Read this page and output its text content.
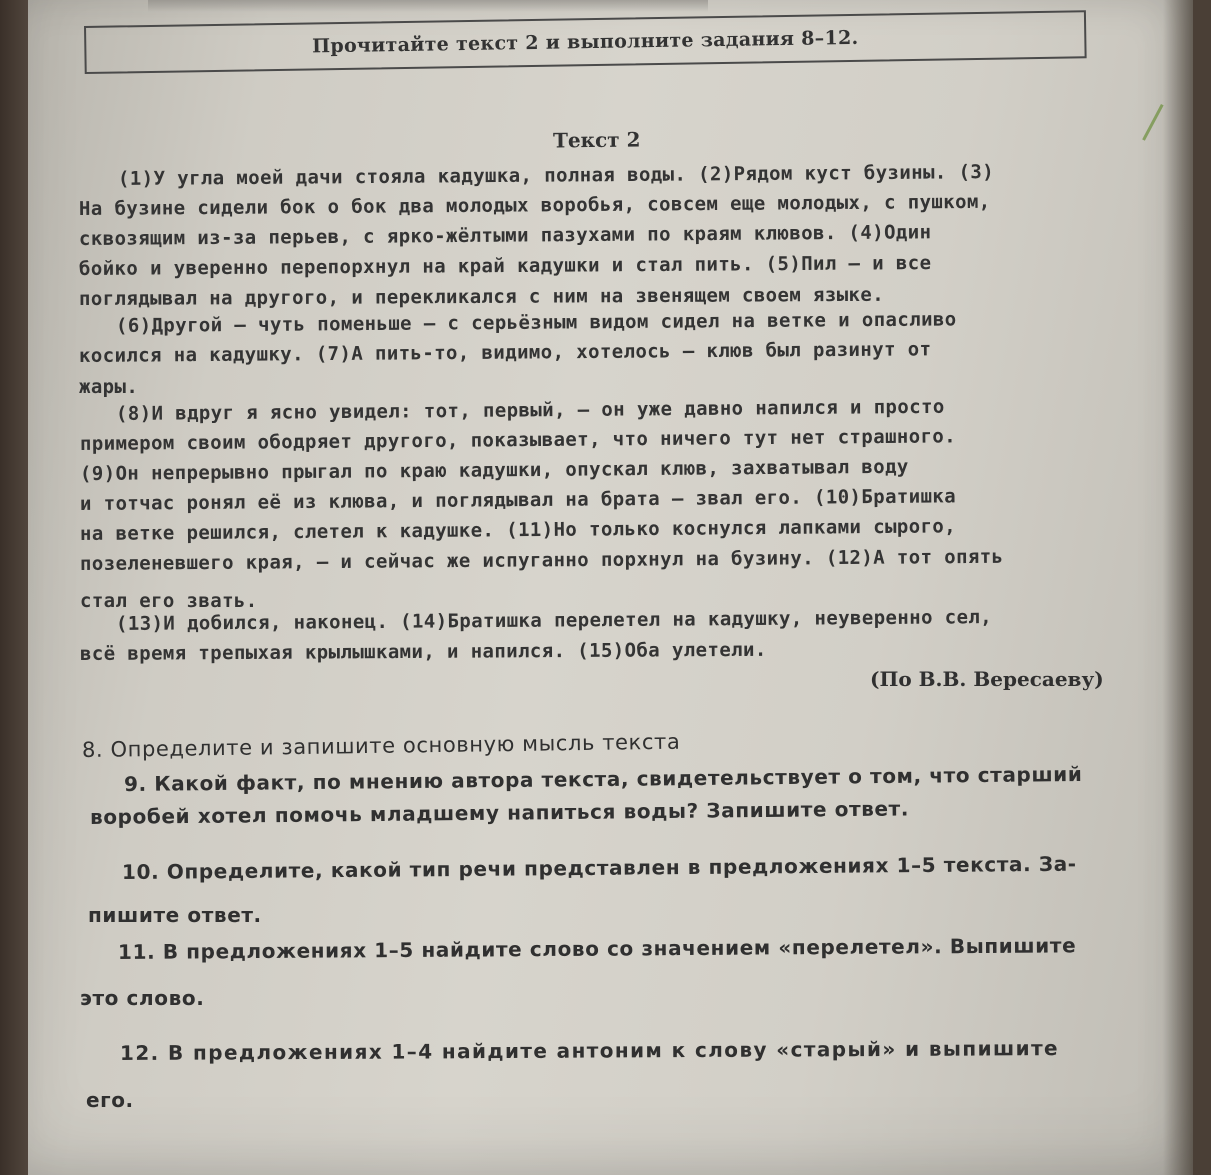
Прочитайте текст 2 и выполните задания 8–12.
Текст 2
(1)У угла моей дачи стояла кадушка, полная воды. (2)Рядом куст бузины. (3)
На бузине сидели бок о бок два молодых воробья, совсем еще молодых, с пушком,
сквозящим из-за перьев, с ярко-жёлтыми пазухами по краям клювов. (4)Один
бойко и уверенно перепорхнул на край кадушки и стал пить. (5)Пил – и все
поглядывал на другого, и перекликался с ним на звенящем своем языке.
(6)Другой – чуть поменьше – с серьёзным видом сидел на ветке и опасливо
косился на кадушку. (7)А пить-то, видимо, хотелось – клюв был разинут от
жары.
(8)И вдруг я ясно увидел: тот, первый, – он уже давно напился и просто
примером своим ободряет другого, показывает, что ничего тут нет страшного.
(9)Он непрерывно прыгал по краю кадушки, опускал клюв, захватывал воду
и тотчас ронял её из клюва, и поглядывал на брата – звал его. (10)Братишка
на ветке решился, слетел к кадушке. (11)Но только коснулся лапками сырого,
позеленевшего края, – и сейчас же испуганно порхнул на бузину. (12)А тот опять
стал его звать.
(13)И добился, наконец. (14)Братишка перелетел на кадушку, неуверенно сел,
всё время трепыхая крылышками, и напился. (15)Оба улетели.
(По В.В. Вересаеву)
8. Определите и запишите основную мысль текста
9. Какой факт, по мнению автора текста, свидетельствует о том, что старший
воробей хотел помочь младшему напиться воды? Запишите ответ.
10. Определите, какой тип речи представлен в предложениях 1–5 текста. За-
пишите ответ.
11. В предложениях 1–5 найдите слово со значением «перелетел». Выпишите
это слово.
12. В предложениях 1–4 найдите антоним к слову «старый» и выпишите
его.
